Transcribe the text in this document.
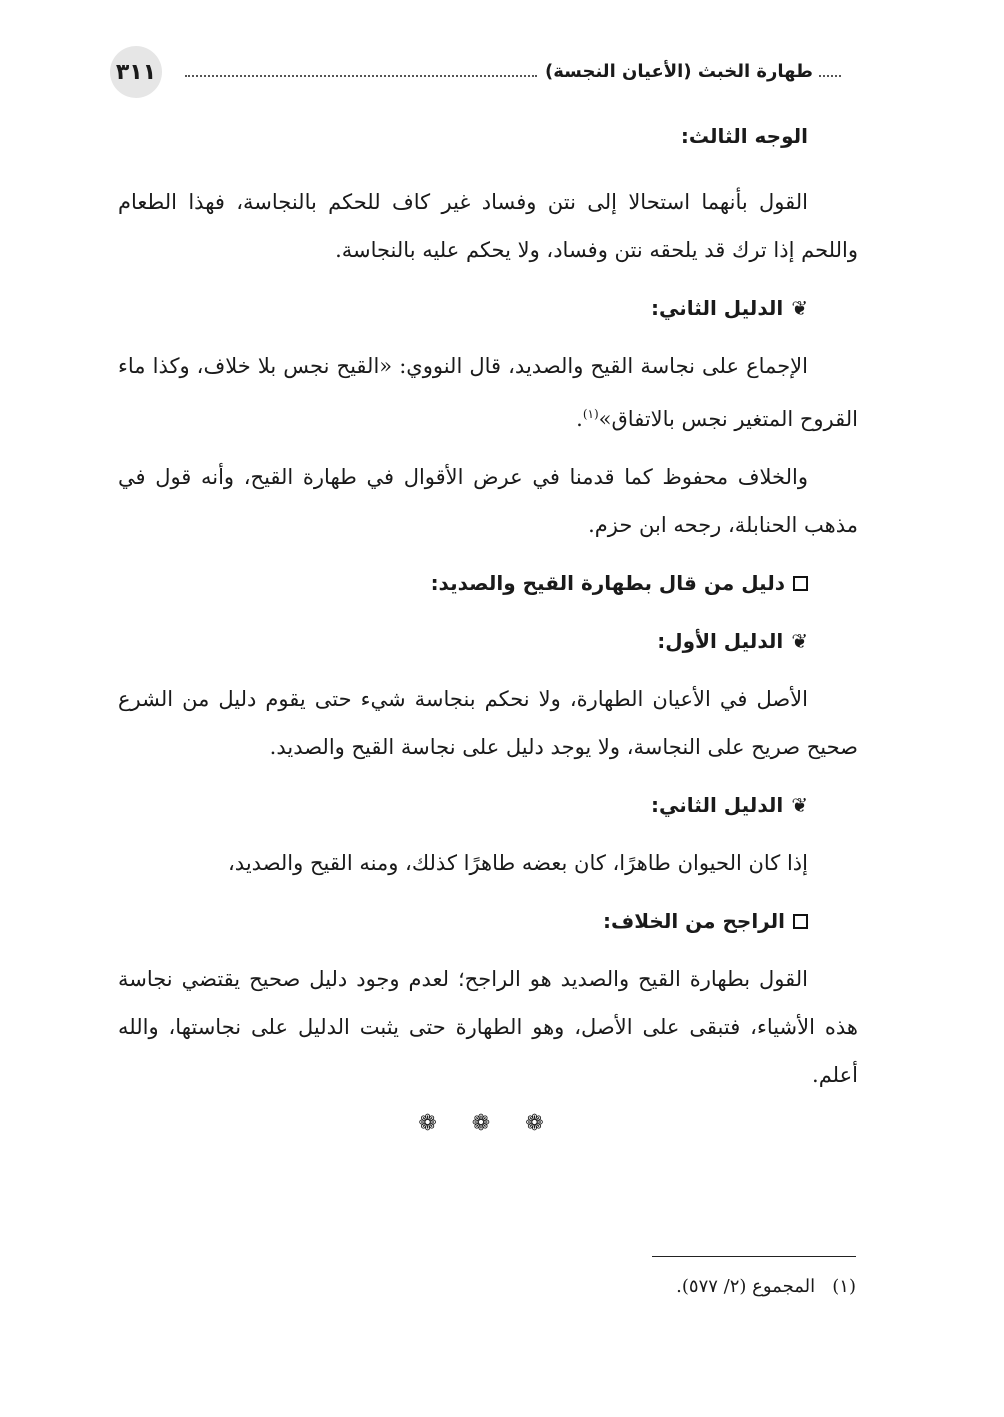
٣١١	طهارة الخبث (الأعيان النجسة)
الوجه الثالث:

القول بأنهما استحالا إلى نتن وفساد غير كاف للحكم بالنجاسة، فهذا الطعام واللحم إذا ترك قد يلحقه نتن وفساد، ولا يحكم عليه بالنجاسة.

❦
الدليل الثاني:

الإجماع على نجاسة القيح والصديد، قال النووي: «القيح نجس بلا خلاف، وكذا ماء القروح المتغير نجس بالاتفاق»$^{(١)}$.

والخلاف محفوظ كما قدمنا في عرض الأقوال في طهارة القيح، وأنه قول في مذهب الحنابلة، رجحه ابن حزم.

دليل من قال بطهارة القيح والصديد:
❦
الدليل الأول:

الأصل في الأعيان الطهارة، ولا نحكم بنجاسة شيء حتى يقوم دليل من الشرع صحيح صريح على النجاسة، ولا يوجد دليل على نجاسة القيح والصديد.

❦
الدليل الثاني:

إذا كان الحيوان طاهرًا، كان بعضه طاهرًا كذلك، ومنه القيح والصديد،

الراجح من الخلاف:

القول بطهارة القيح والصديد هو الراجح؛ لعدم وجود دليل صحيح يقتضي نجاسة هذه الأشياء، فتبقى على الأصل، وهو الطهارة حتى يثبت الدليل على نجاستها، والله أعلم.

❁ ❁ ❁
(١)   المجموع (٢/ ٥٧٧).
